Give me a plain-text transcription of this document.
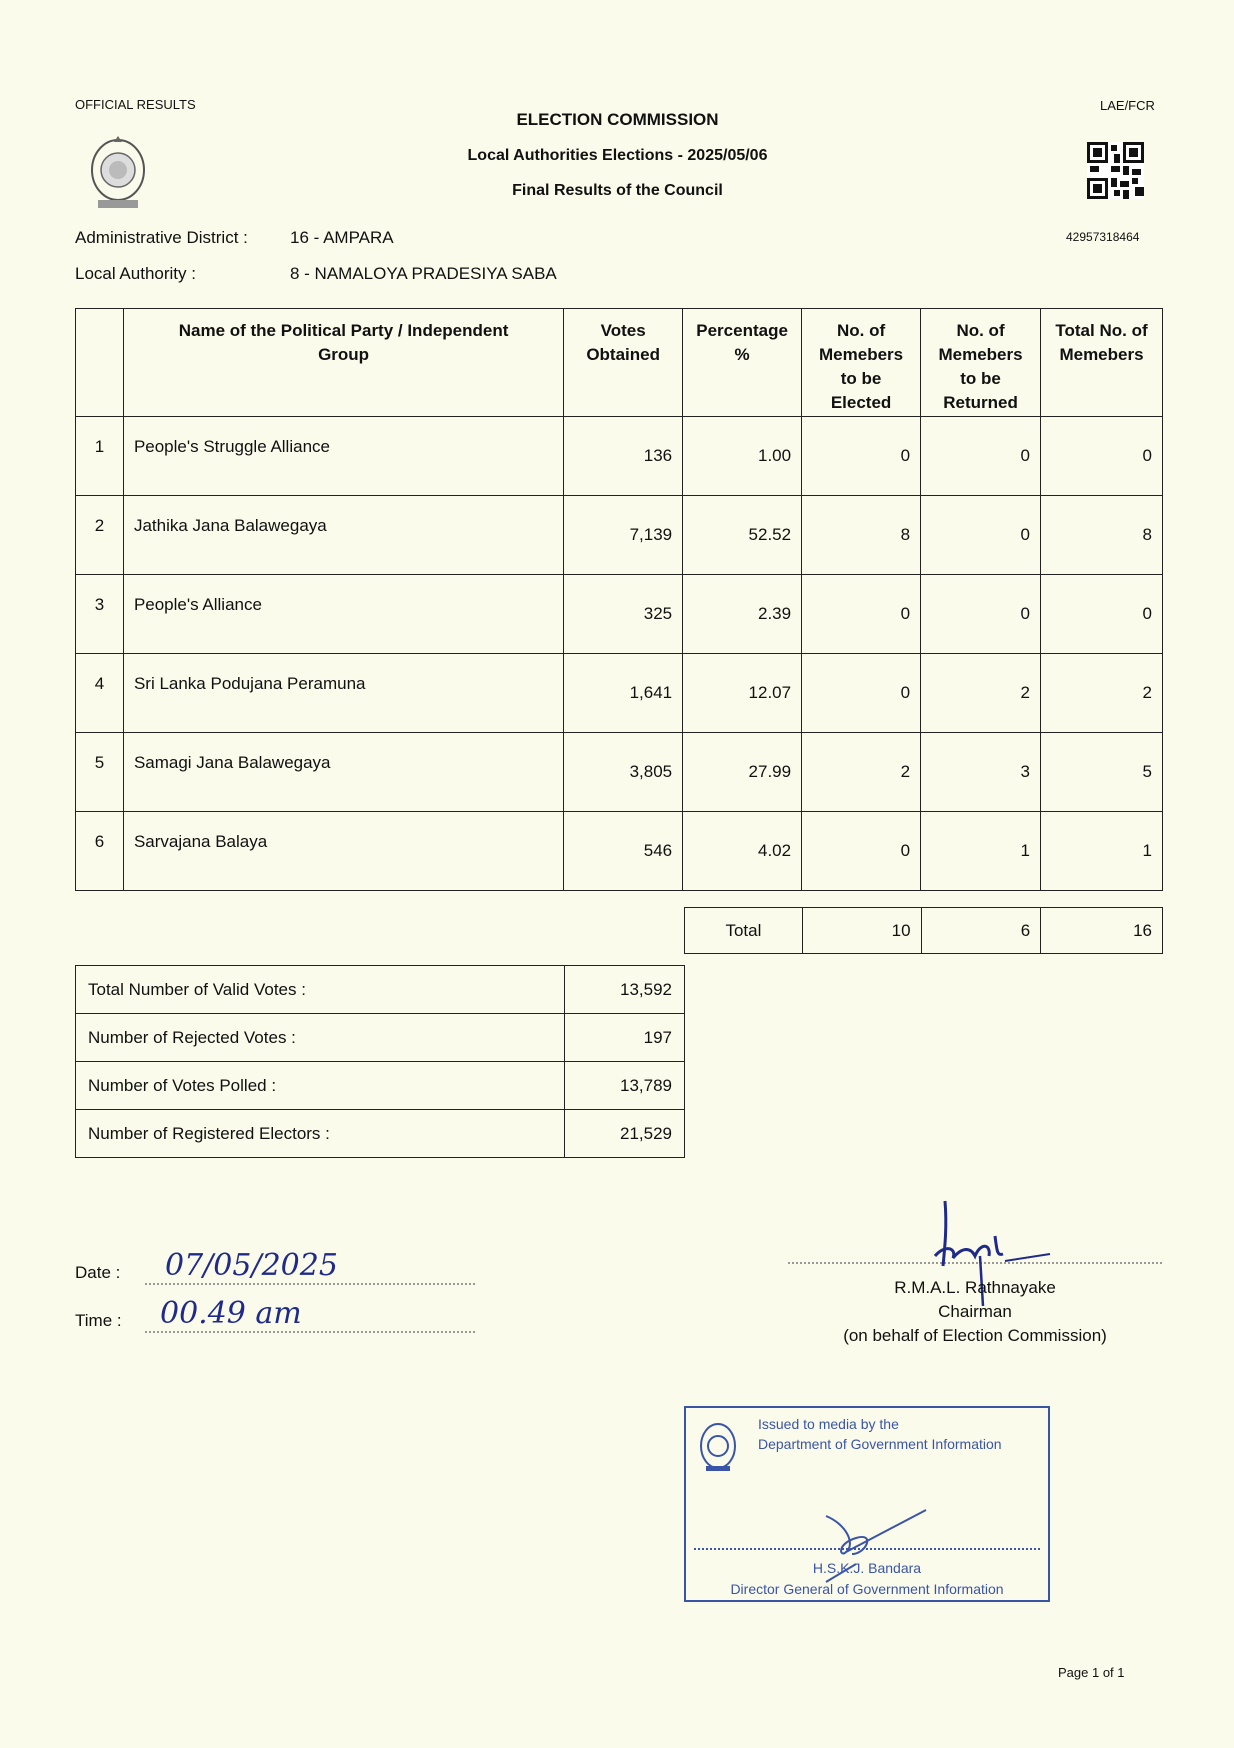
OFFICIAL RESULTS	LAE/FCR
ELECTION COMMISSION
Local Authorities Elections - 2025/05/06
Final Results of the Council
42957318464
Administrative District : 16 - AMPARA
Local Authority :	8 - NAMALOYA PRADESIYA SABA
	Name of the Political Party / Independent Group	Votes Obtained	Percentage %	No. of Memebers to be Elected	No. of Memebers to be Returned	Total No. of Memebers
1	People's Struggle Alliance	136	1.00	0	0	0
2	Jathika Jana Balawegaya	7,139	52.52	8	0	8
3	People's Alliance	325	2.39	0	0	0
4	Sri Lanka Podujana Peramuna	1,641	12.07	0	2	2
5	Samagi Jana Balawegaya	3,805	27.99	2	3	5
6	Sarvajana Balaya	546	4.02	0	1	1
Total	10	6	16
Total Number of Valid Votes :	13,592
Number of Rejected Votes :	197
Number of Votes Polled :	13,789
Number of Registered Electors :	21,529
Date : 07/05/2025
Time : 00.49 am
R.M.A.L. Rathnayake
Chairman
(on behalf of Election Commission)
Issued to media by the
Department of Government Information
H.S.K.J. Bandara
Director General of Government Information
Page 1 of 1
